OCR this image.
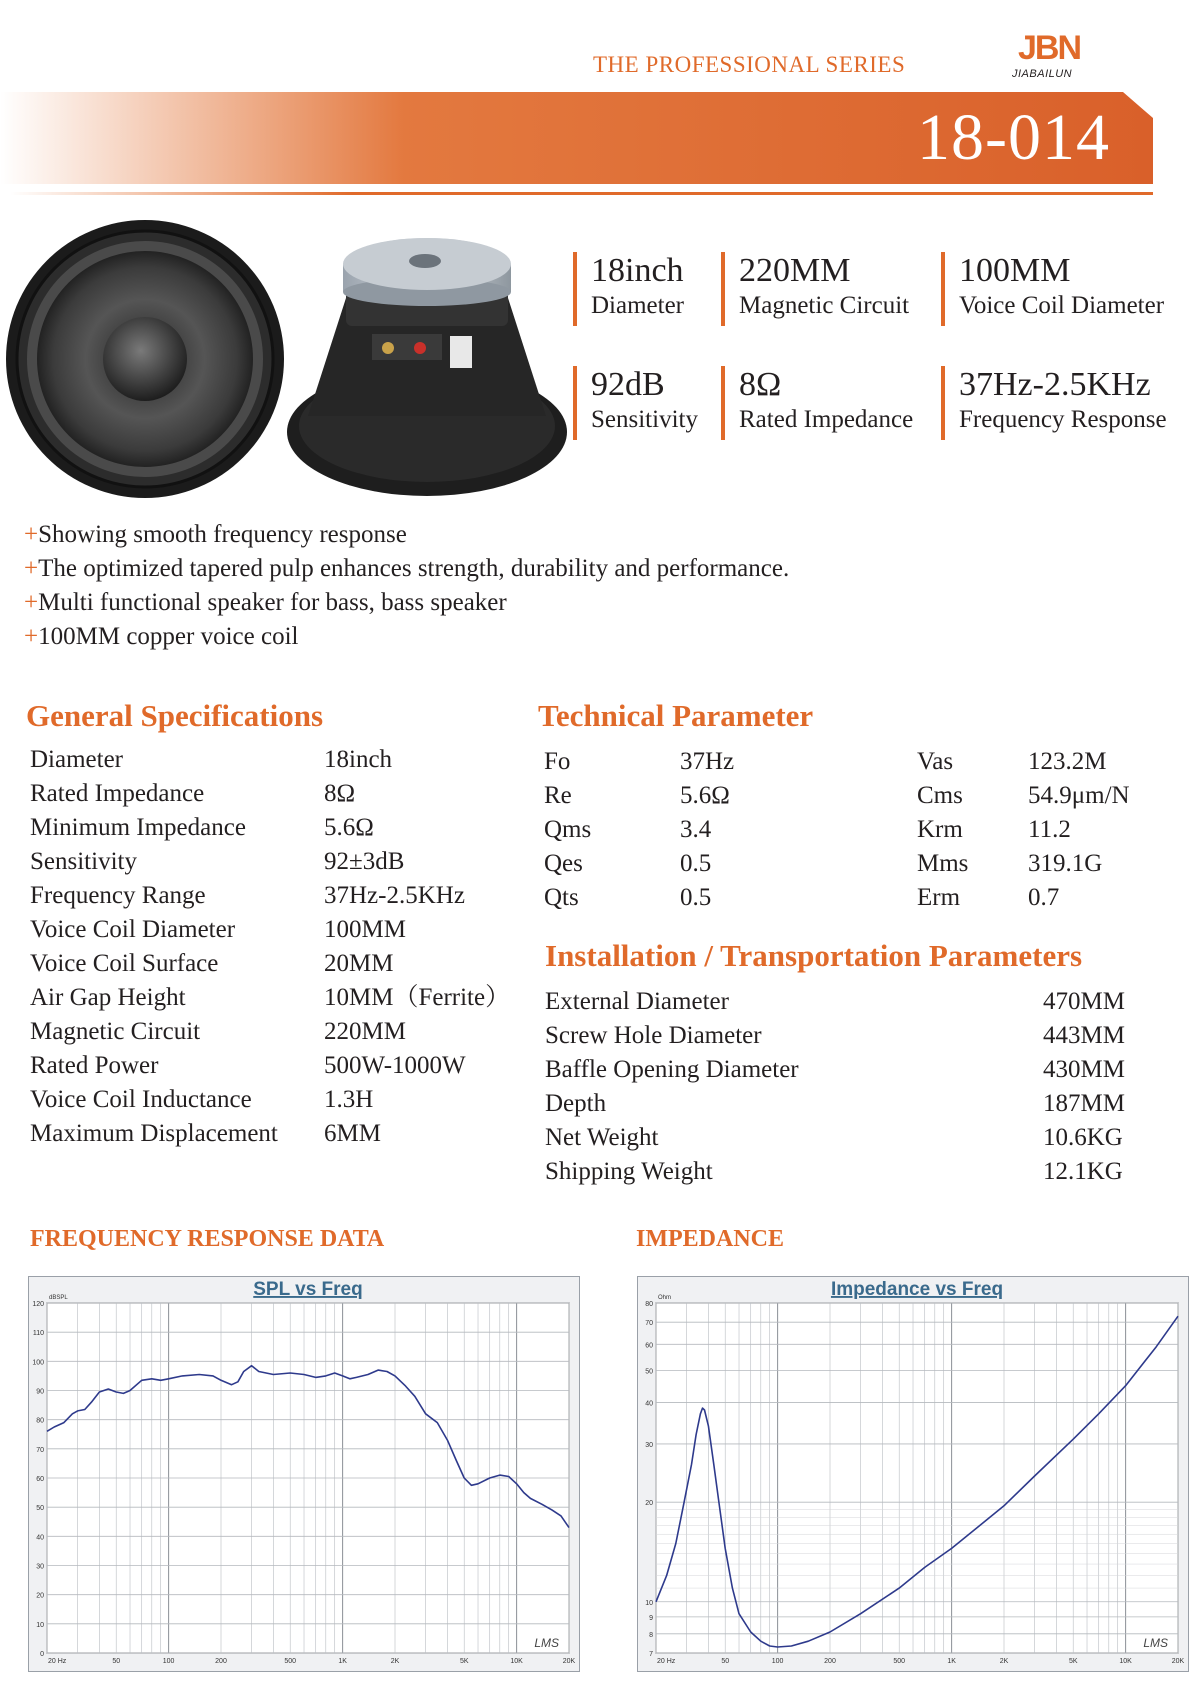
THE PROFESSIONAL SERIES	JBN
JIABAILUN
18-014
18inch
Diameter
220MM
Magnetic Circuit
100MM
Voice Coil Diameter
92dB
Sensitivity
8Ω
Rated Impedance
37Hz-2.5KHz
Frequency Response
+Showing smooth frequency response
+The optimized tapered pulp enhances strength, durability and performance.
+Multi functional speaker for bass, bass speaker
+100MM copper voice coil
General Specifications	Technical Parameter
Installation / Transportation Parameters
Diameter	18inch
Rated Impedance	8Ω
Minimum Impedance	5.6Ω
Sensitivity	92±3dB
Frequency Range	37Hz-2.5KHz
Voice Coil Diameter	100MM
Voice Coil Surface	20MM
Air Gap Height	10MM（Ferrite）
Magnetic Circuit	220MM
Rated Power	500W-1000W
Voice Coil Inductance	1.3H
Maximum Displacement 6MM
Fo	37Hz	Vas	123.2M
Re	5.6Ω	Cms	54.9μm/N
Qms	3.4	Krm	11.2
Qes	0.5	Mms 319.1G
Qts	0.5	Erm	0.7
External Diameter	470MM
Screw Hole Diameter	443MM
Baffle Opening Diameter	430MM
Depth	187MM
Net Weight	10.6KG
Shipping Weight	12.1KG
FREQUENCY RESPONSE DATA	IMPEDANCE
0
10
20
30
40
50
60
70
80
90
100
110
120
20 Hz	50	100	200	500	1K	2K	5K	10K	20K
SPL vs Freq
dBSPL
LMS
7
8
9
10
20
30
40
50
60
70
80
20 Hz	50	100	200	500	1K	2K	5K	10K	20K
Impedance vs Freq
Ohm
LMS
